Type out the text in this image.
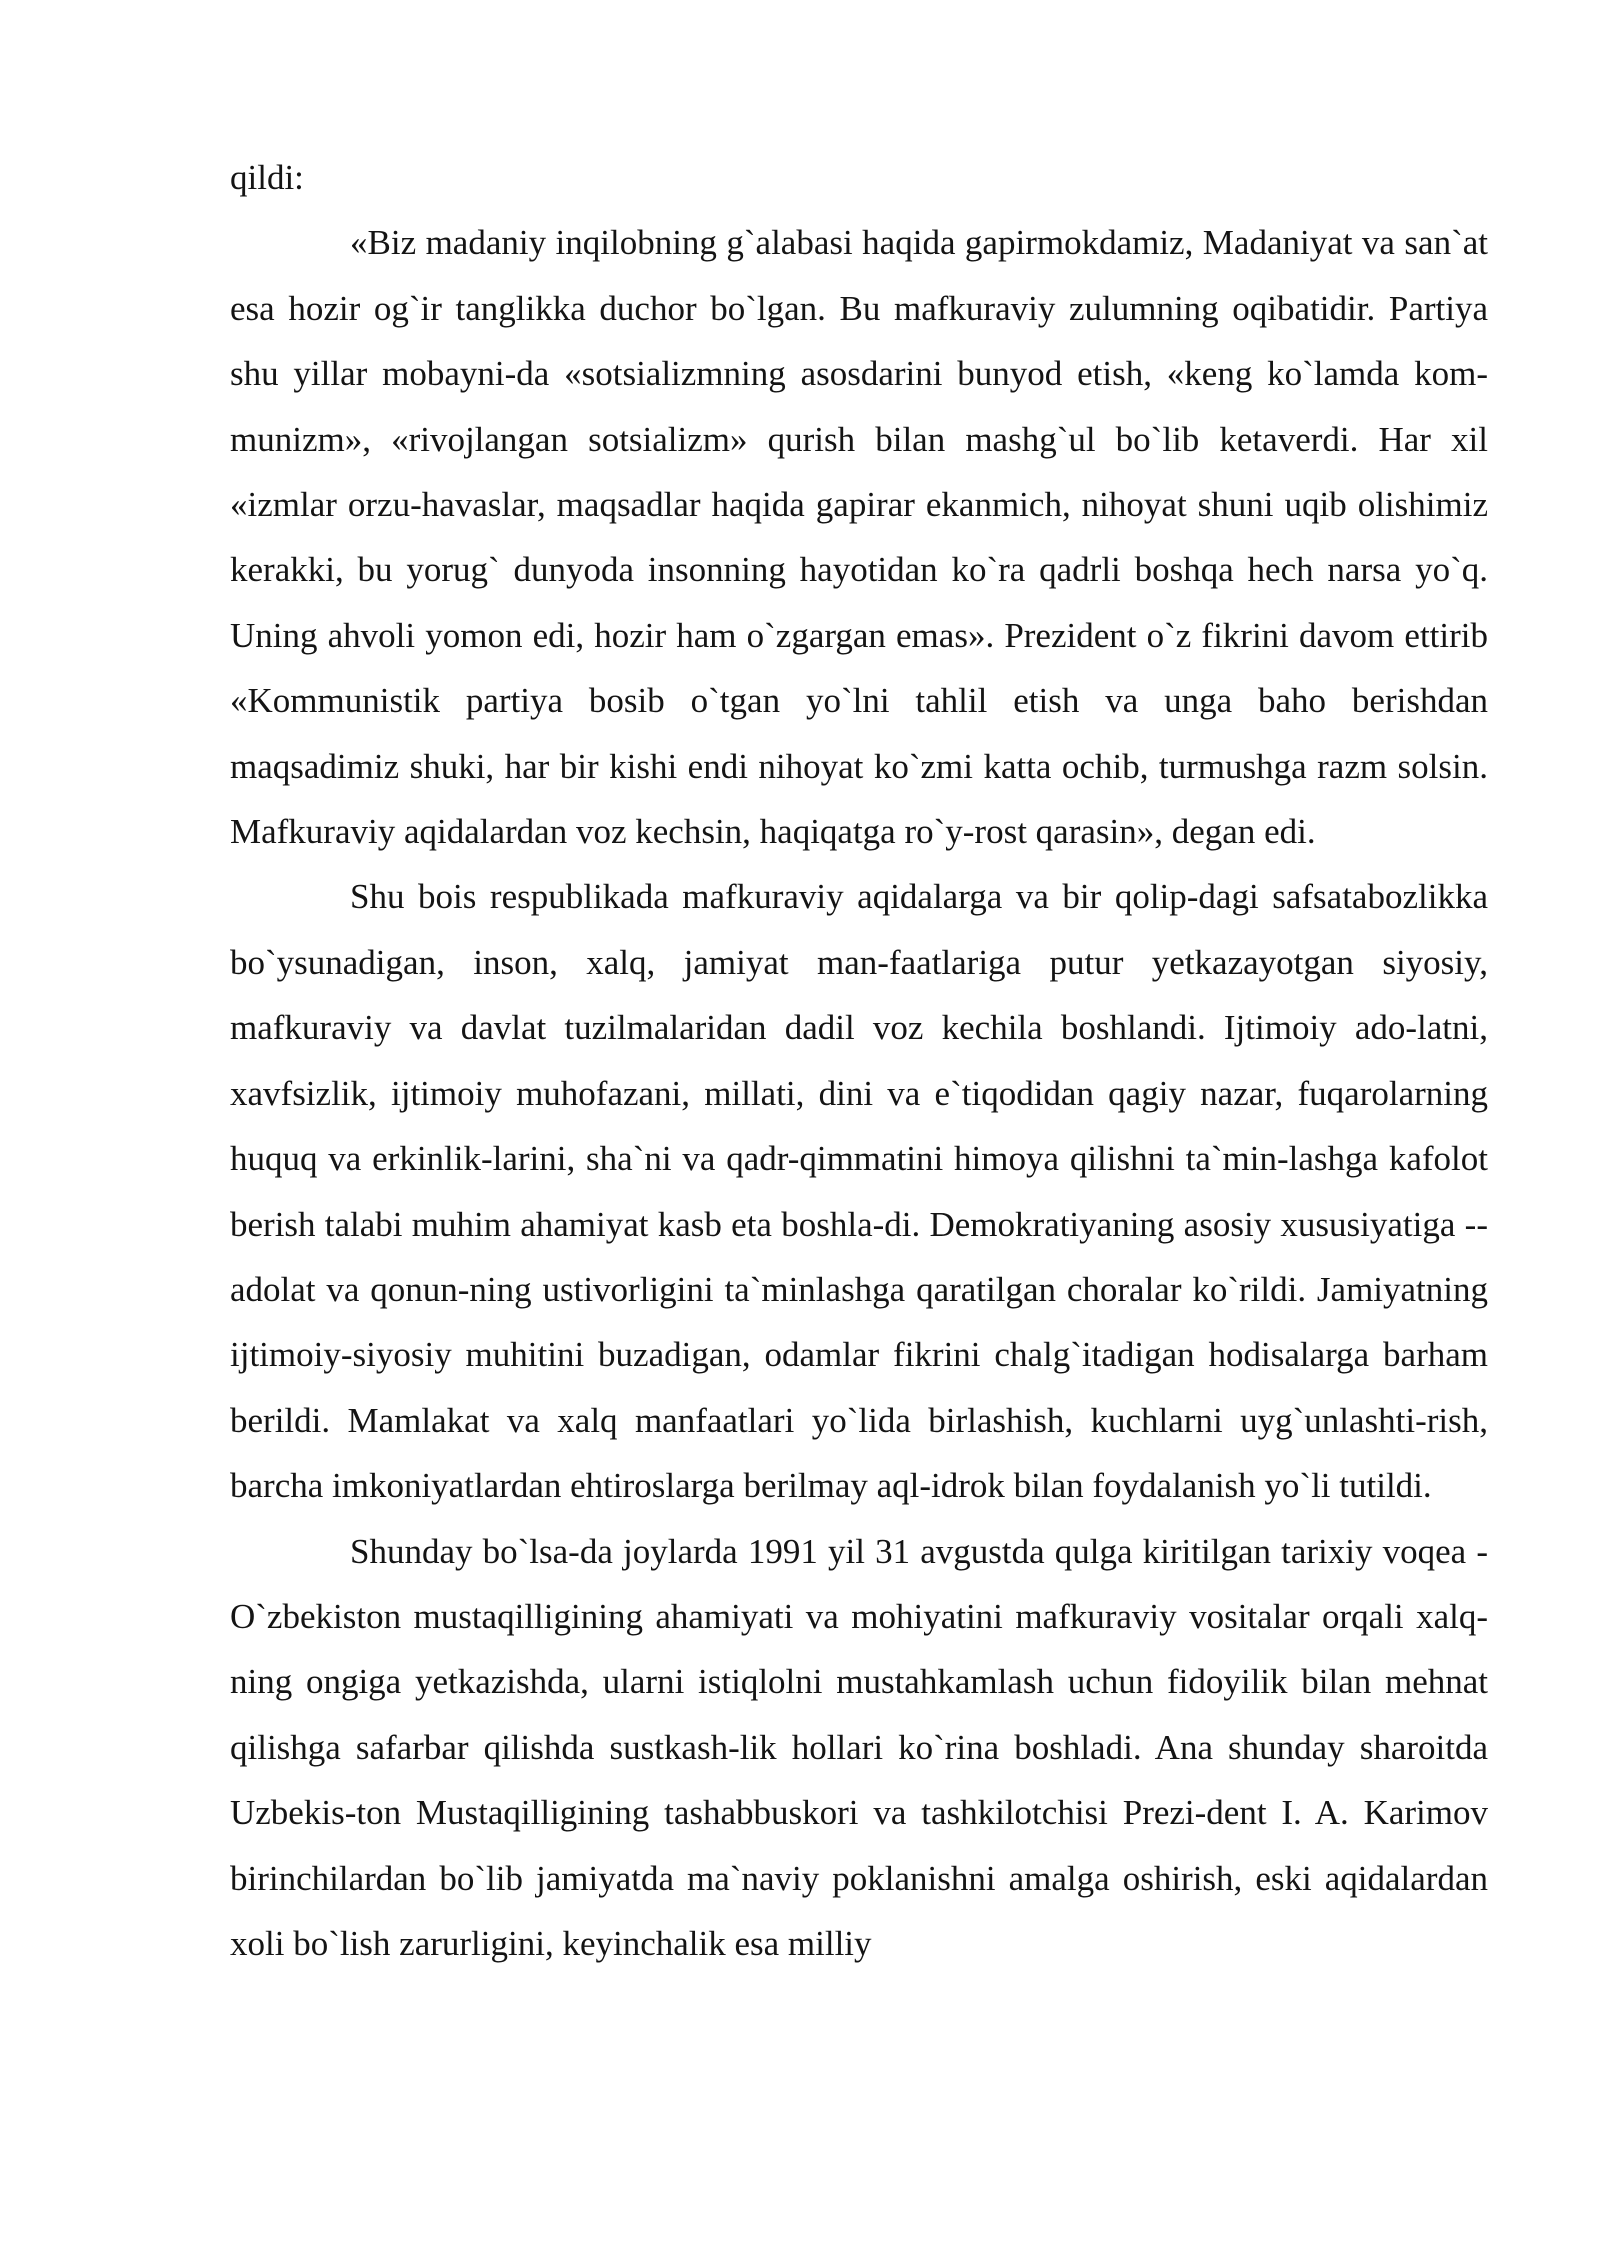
qildi:

«Biz madaniy inqilobning g`alabasi haqida gapirmokdamiz, Madaniyat va san`at esa hozir og`ir tanglikka duchor bo`lgan. Bu mafkuraviy zulumning oqibatidir. Partiya shu yillar mobayni-da «sotsializmning asosdarini bunyod etish, «keng ko`lamda kom-munizm», «rivojlangan sotsializm» qurish bilan mashg`ul bo`lib ketaverdi. Har xil «izmlar orzu-havaslar, maqsadlar haqida gapirar ekanmich, nihoyat shuni uqib olishimiz kerakki, bu yorug` dunyoda insonning hayotidan ko`ra qadrli boshqa hech narsa yo`q. Uning ahvoli yomon edi, hozir ham o`zgargan emas». Prezident o`z fikrini davom ettirib «Kommunistik partiya bosib o`tgan yo`lni tahlil etish va unga baho berishdan maqsadimiz shuki, har bir kishi endi nihoyat ko`zmi katta ochib, turmushga razm solsin. Mafkuraviy aqidalardan voz kechsin, haqiqatga ro`y-rost qarasin», degan edi.

Shu bois respublikada mafkuraviy aqidalarga va bir qolip-dagi safsatabozlikka bo`ysunadigan, inson, xalq, jamiyat man-faatlariga putur yetkazayotgan siyosiy, mafkuraviy va davlat tuzilmalaridan dadil voz kechila boshlandi. Ijtimoiy ado-latni, xavfsizlik, ijtimoiy muhofazani, millati, dini va e`tiqodidan qagiy nazar, fuqarolarning huquq va erkinlik-larini, sha`ni va qadr-qimmatini himoya qilishni ta`min-lashga kafolot berish talabi muhim ahamiyat kasb eta boshla-di. Demokratiyaning asosiy xususiyatiga -- adolat va qonun-ning ustivorligini ta`minlashga qaratilgan choralar ko`rildi. Jamiyatning ijtimoiy-siyosiy muhitini buzadigan, odamlar fikrini chalg`itadigan hodisalarga barham berildi. Mamlakat va xalq manfaatlari yo`lida birlashish, kuchlarni uyg`unlashti-rish, barcha imkoniyatlardan ehtiroslarga berilmay aql-idrok bilan foydalanish yo`li tutildi.

Shunday bo`lsa-da joylarda 1991 yil 31 avgustda qulga kiritilgan tarixiy voqea - O`zbekiston mustaqilligining ahamiyati va mohiyatini mafkuraviy vositalar orqali xalq-ning ongiga yetkazishda, ularni istiqlolni mustahkamlash uchun fidoyilik bilan mehnat qilishga safarbar qilishda sustkash-lik hollari ko`rina boshladi. Ana shunday sharoitda Uzbekis-ton Mustaqilligining tashabbuskori va tashkilotchisi Prezi-dent I. A. Karimov birinchilardan bo`lib jamiyatda ma`naviy poklanishni amalga oshirish, eski aqidalardan xoli bo`lish zarurligini, keyinchalik esa milliy
